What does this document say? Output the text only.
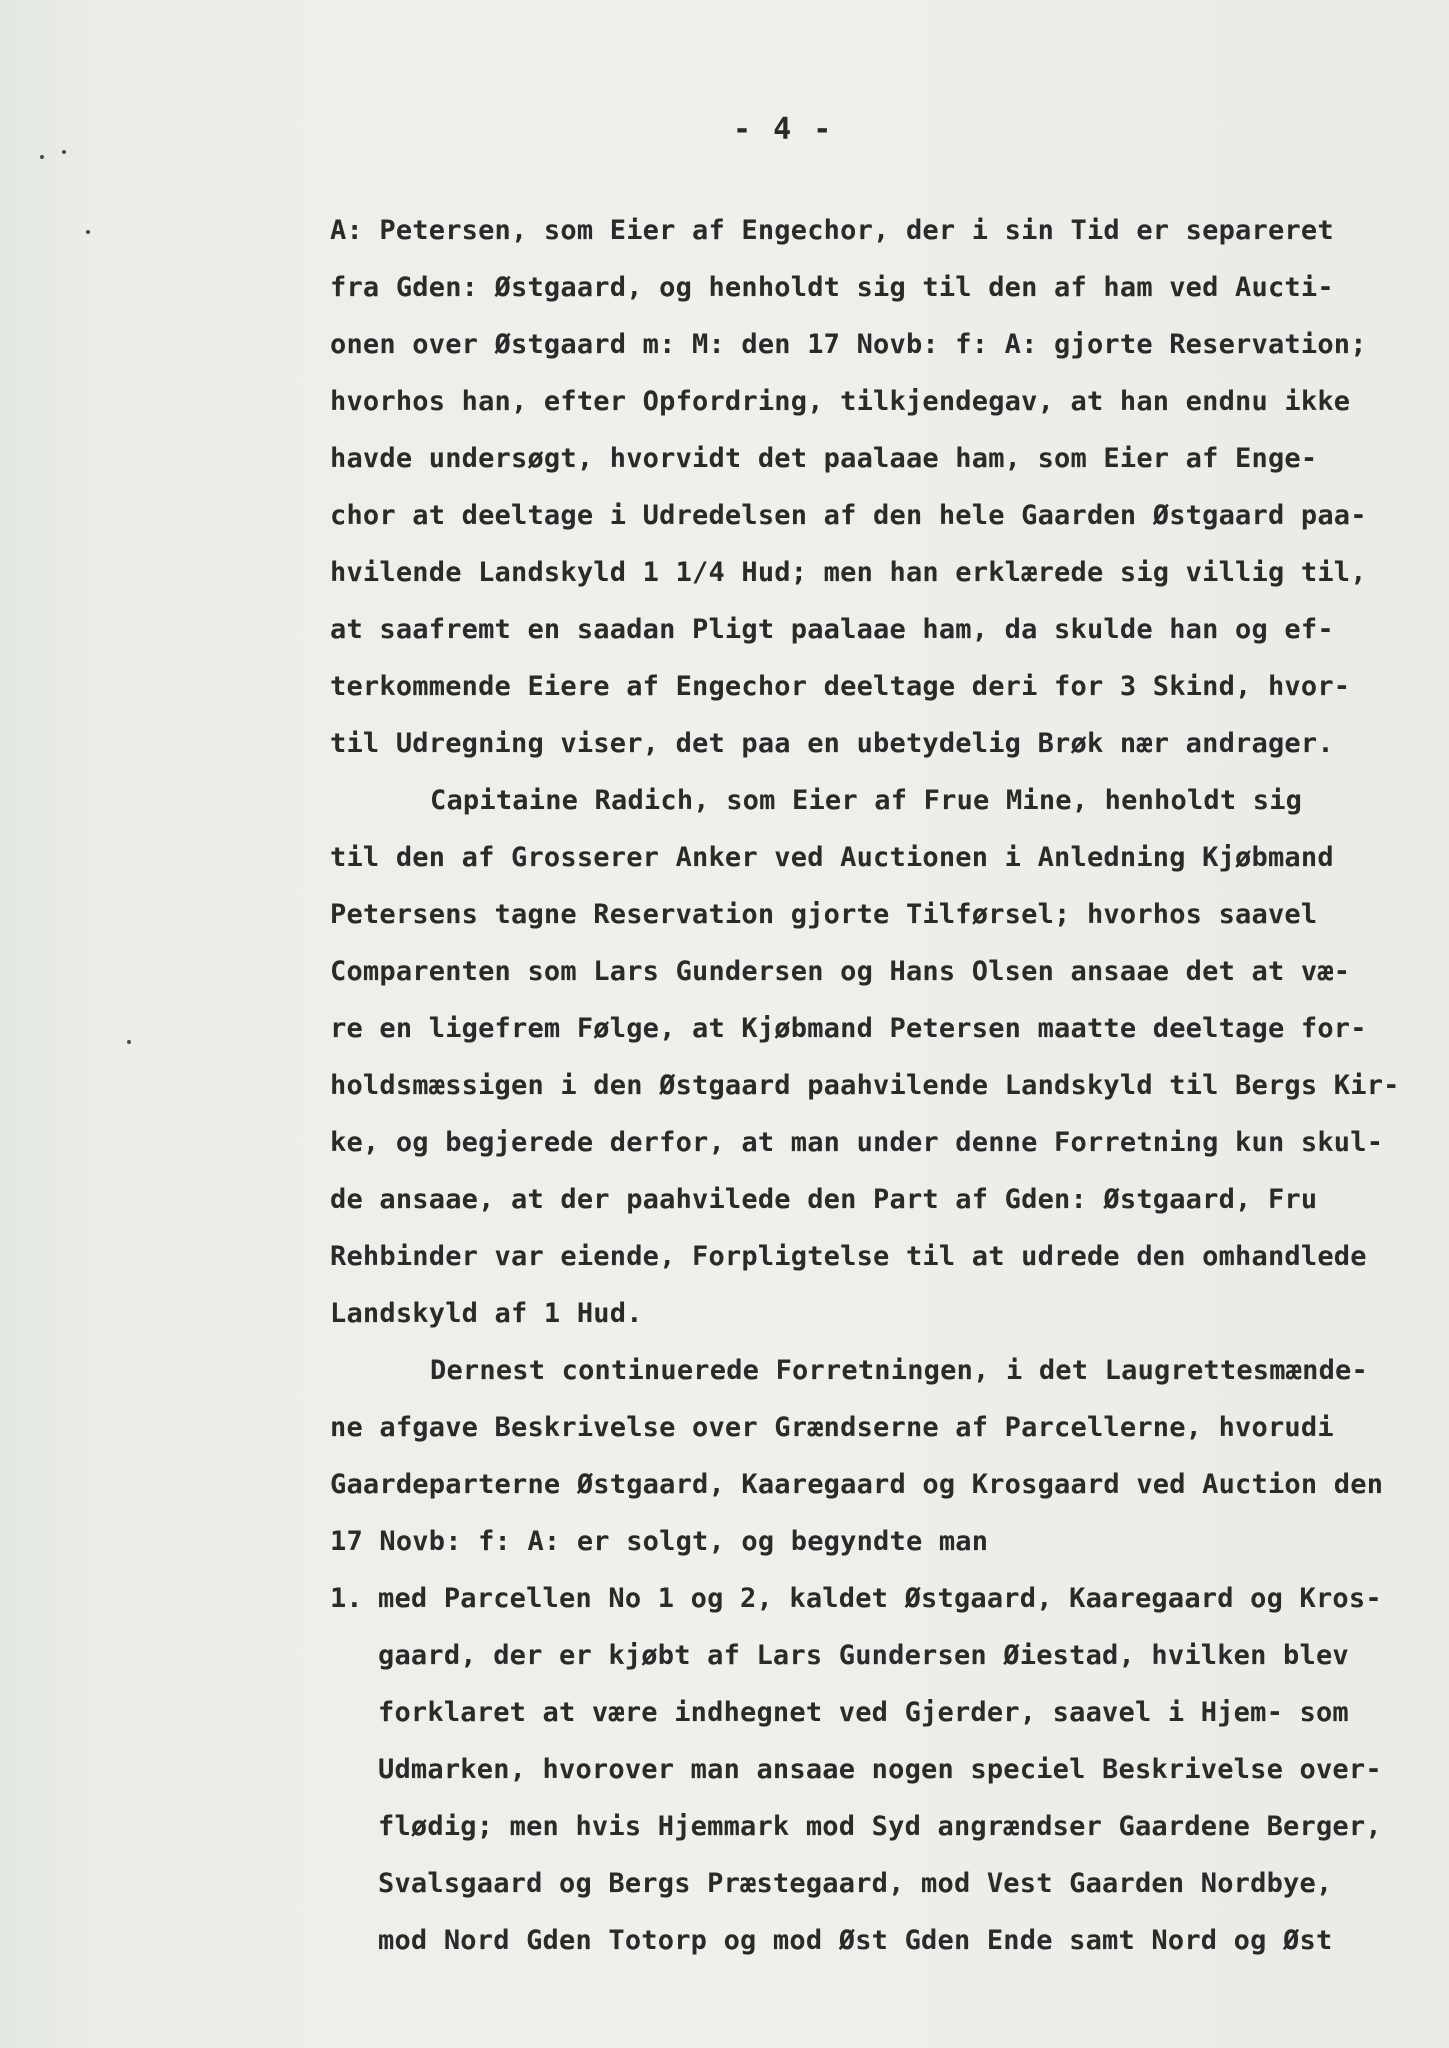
- 4 -
A: Petersen, som Eier af Engechor, der i sin Tid er separeret
fra Gden: Østgaard, og henholdt sig til den af ham ved Aucti-
onen over Østgaard m: M: den 17 Novb: f: A: gjorte Reservation;
hvorhos han, efter Opfordring, tilkjendegav, at han endnu ikke
havde undersøgt, hvorvidt det paalaae ham, som Eier af Enge-
chor at deeltage i Udredelsen af den hele Gaarden Østgaard paa-
hvilende Landskyld 1 1/4 Hud; men han erklærede sig villig til,
at saafremt en saadan Pligt paalaae ham, da skulde han og ef-
terkommende Eiere af Engechor deeltage deri for 3 Skind, hvor-
til Udregning viser, det paa en ubetydelig Brøk nær andrager.
Capitaine Radich, som Eier af Frue Mine, henholdt sig
til den af Grosserer Anker ved Auctionen i Anledning Kjøbmand
Petersens tagne Reservation gjorte Tilførsel; hvorhos saavel
Comparenten som Lars Gundersen og Hans Olsen ansaae det at væ-
re en ligefrem Følge, at Kjøbmand Petersen maatte deeltage for-
holdsmæssigen i den Østgaard paahvilende Landskyld til Bergs Kir-
ke, og begjerede derfor, at man under denne Forretning kun skul-
de ansaae, at der paahvilede den Part af Gden: Østgaard, Fru
Rehbinder var eiende, Forpligtelse til at udrede den omhandlede
Landskyld af 1 Hud.
Dernest continuerede Forretningen, i det Laugrettesmænde-
ne afgave Beskrivelse over Grændserne af Parcellerne, hvorudi
Gaardeparterne Østgaard, Kaaregaard og Krosgaard ved Auction den
17 Novb: f: A: er solgt, og begyndte man
1. med Parcellen No 1 og 2, kaldet Østgaard, Kaaregaard og Kros-
gaard, der er kjøbt af Lars Gundersen Øiestad, hvilken blev
forklaret at være indhegnet ved Gjerder, saavel i Hjem- som
Udmarken, hvorover man ansaae nogen speciel Beskrivelse over-
flødig; men hvis Hjemmark mod Syd angrændser Gaardene Berger,
Svalsgaard og Bergs Præstegaard, mod Vest Gaarden Nordbye,
mod Nord Gden Totorp og mod Øst Gden Ende samt Nord og Øst
